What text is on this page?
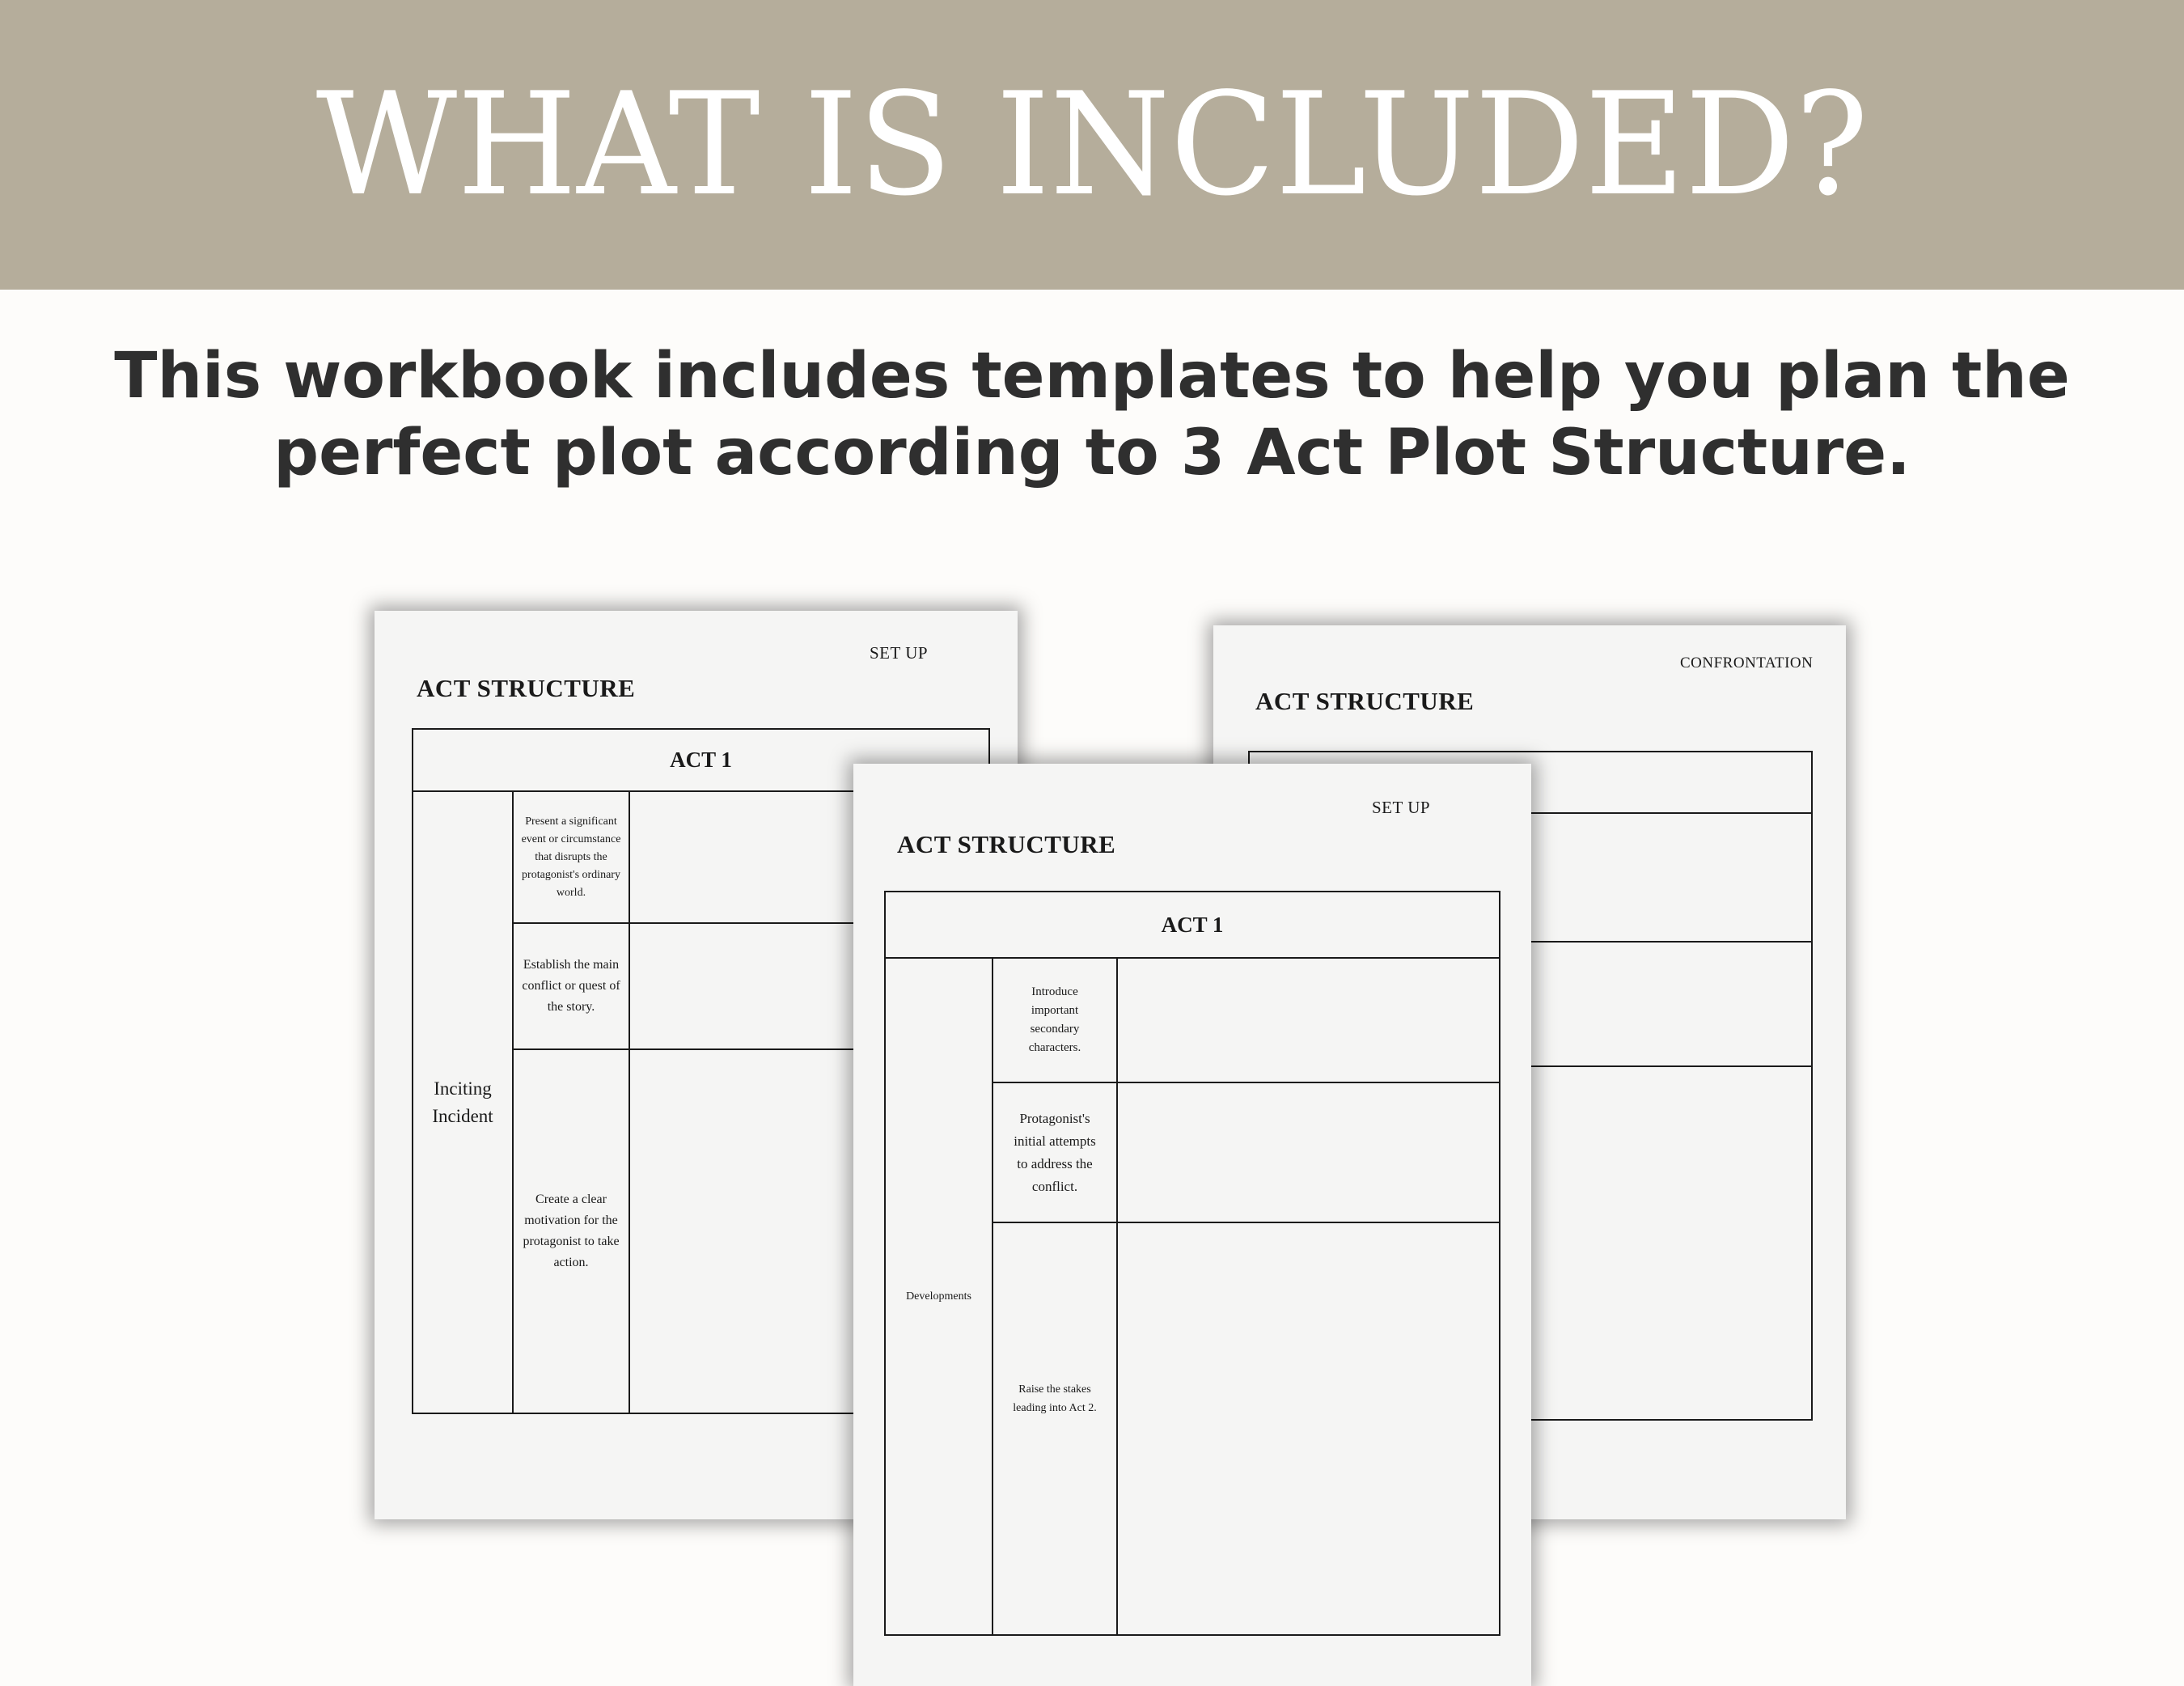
WHAT IS INCLUDED?
This workbook includes templates to help you plan the
perfect plot according to 3 Act Plot Structure.
SET UP
ACT STRUCTURE
ACT 1
Inciting Incident
Present a significant event or circumstance that disrupts the protagonist's ordinary world.
Establish the main conflict or quest of the story.
Create a clear motivation for the protagonist to take action.
CONFRONTATION
ACT STRUCTURE
SET UP
ACT STRUCTURE
ACT 1
Developments
Introduce important secondary characters.
Protagonist's initial attempts to address the conflict.
Raise the stakes leading into Act 2.
